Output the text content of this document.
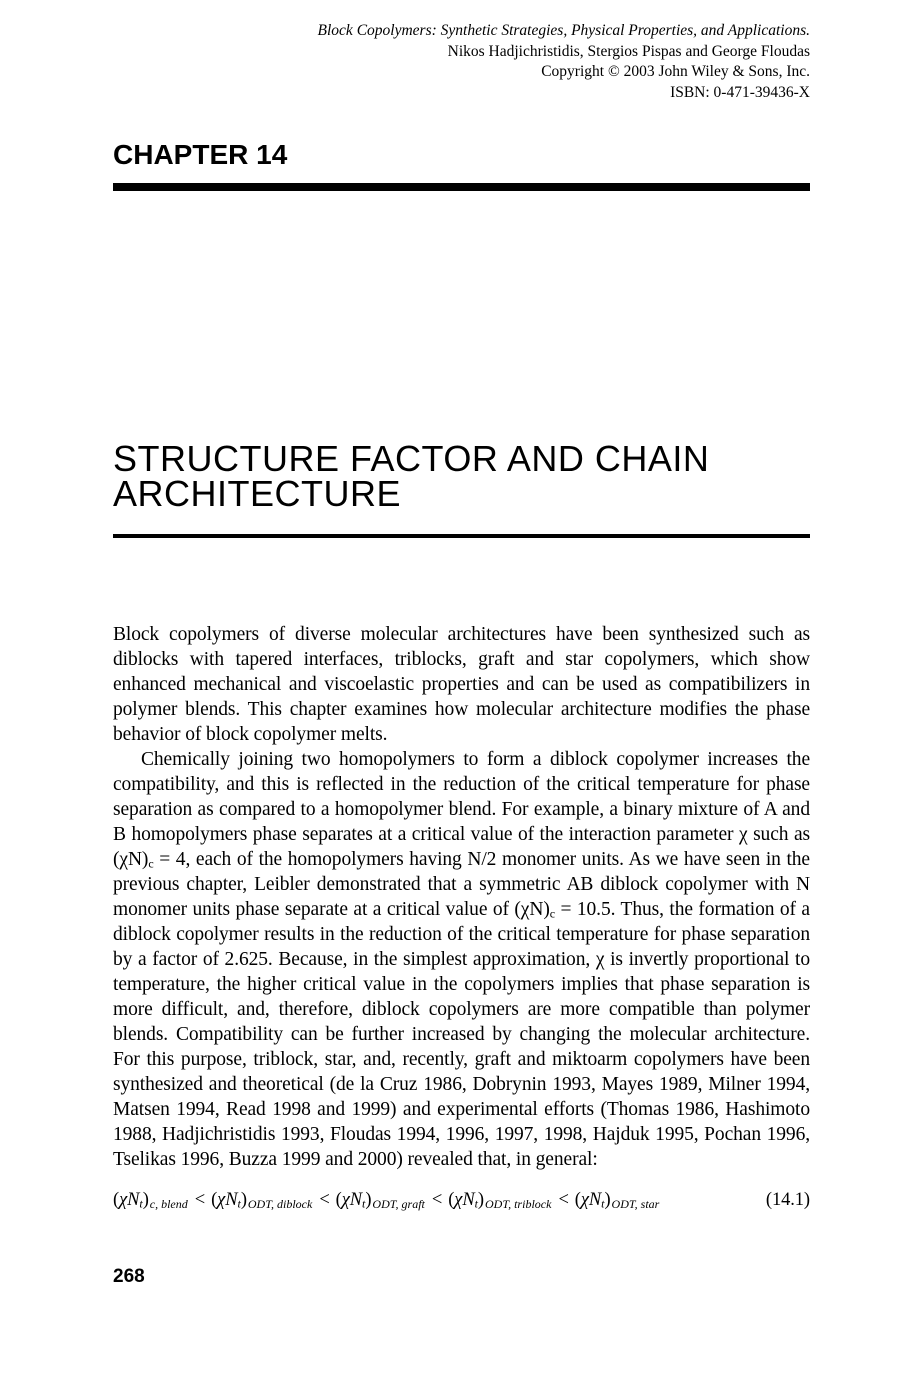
Block Copolymers: Synthetic Strategies, Physical Properties, and Applications.
Nikos Hadjichristidis, Stergios Pispas and George Floudas
Copyright © 2003 John Wiley & Sons, Inc.
ISBN: 0-471-39436-X
CHAPTER 14
STRUCTURE FACTOR AND CHAIN ARCHITECTURE

Block copolymers of diverse molecular architectures have been synthesized such as diblocks with tapered interfaces, triblocks, graft and star copolymers, which show enhanced mechanical and viscoelastic properties and can be used as compatibilizers in polymer blends. This chapter examines how molecular architecture modifies the phase behavior of block copolymer melts.

Chemically joining two homopolymers to form a diblock copolymer increases the compatibility, and this is reflected in the reduction of the critical temperature for phase separation as compared to a homopolymer blend. For example, a binary mixture of A and B homopolymers phase separates at a critical value of the interaction parameter χ such as $(\chi N)_c = 4$, each of the homopolymers having N/2 monomer units. As we have seen in the previous chapter, Leibler demonstrated that a symmetric AB diblock copolymer with N monomer units phase separate at a critical value of $(\chi N)_c = 10.5$. Thus, the formation of a diblock copolymer results in the reduction of the critical temperature for phase separation by a factor of 2.625. Because, in the simplest approximation, χ is invertly proportional to temperature, the higher critical value in the copolymers implies that phase separation is more difficult, and, therefore, diblock copolymers are more compatible than polymer blends. Compatibility can be further increased by changing the molecular architecture. For this purpose, triblock, star, and, recently, graft and miktoarm copolymers have been synthesized and theoretical (de la Cruz 1986, Dobrynin 1993, Mayes 1989, Milner 1994, Matsen 1994, Read 1998 and 1999) and experimental efforts (Thomas 1986, Hashimoto 1988, Hadjichristidis 1993, Floudas 1994, 1996, 1997, 1998, Hajduk 1995, Pochan 1996, Tselikas 1996, Buzza 1999 and 2000) revealed that, in general:

$(\chi N_t)_{c, blend} < (\chi N_t)_{ODT, diblock} < (\chi N_t)_{ODT, graft} < (\chi N_t)_{ODT, triblock} < (\chi N_t)_{ODT, star}$	(14.1)
268
